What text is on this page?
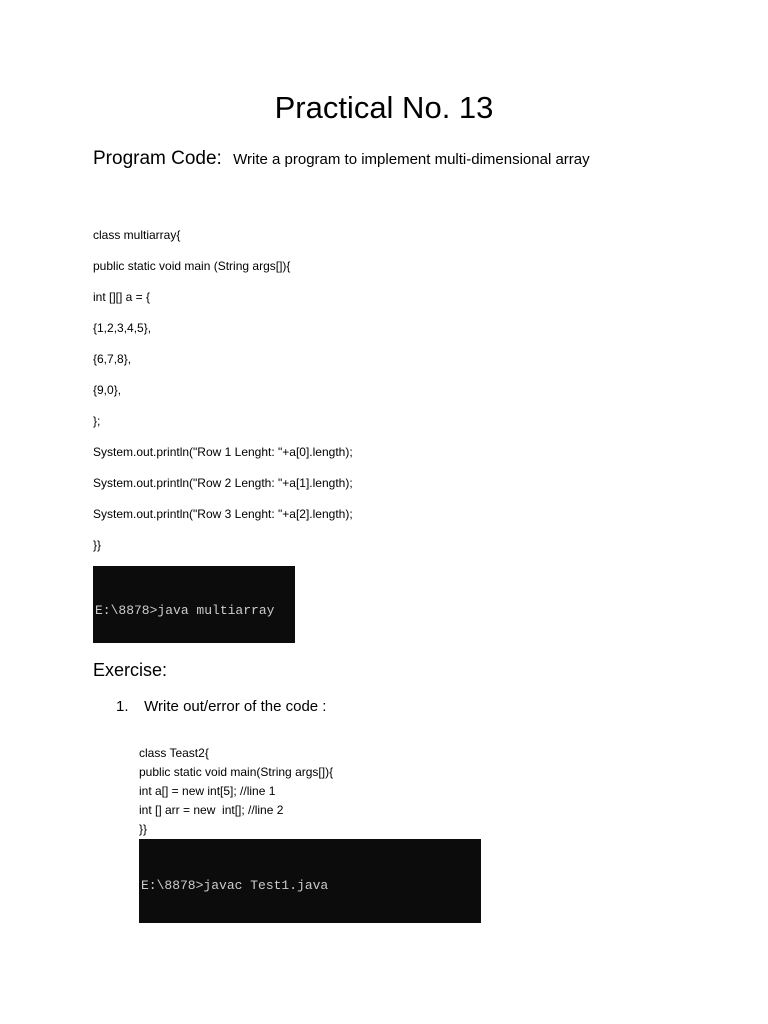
Practical No. 13
Program Code: Write a program to implement multi-dimensional array
class multiarray{
public static void main (String args[]){
int [][] a = {
{1,2,3,4,5},
{6,7,8},
{9,0},
};
System.out.println("Row 1 Lenght: "+a[0].length);
System.out.println("Row 2 Length: "+a[1].length);
System.out.println("Row 3 Lenght: "+a[2].length);
}}

E:\8878>java multiarray

Exercise:
1. Write out/error of the code :
class Teast2{
public static void main(String args[]){
int a[] = new int[5]; //line 1
int [] arr = new  int[]; //line 2
}}

E:\8878>javac Test1.java
